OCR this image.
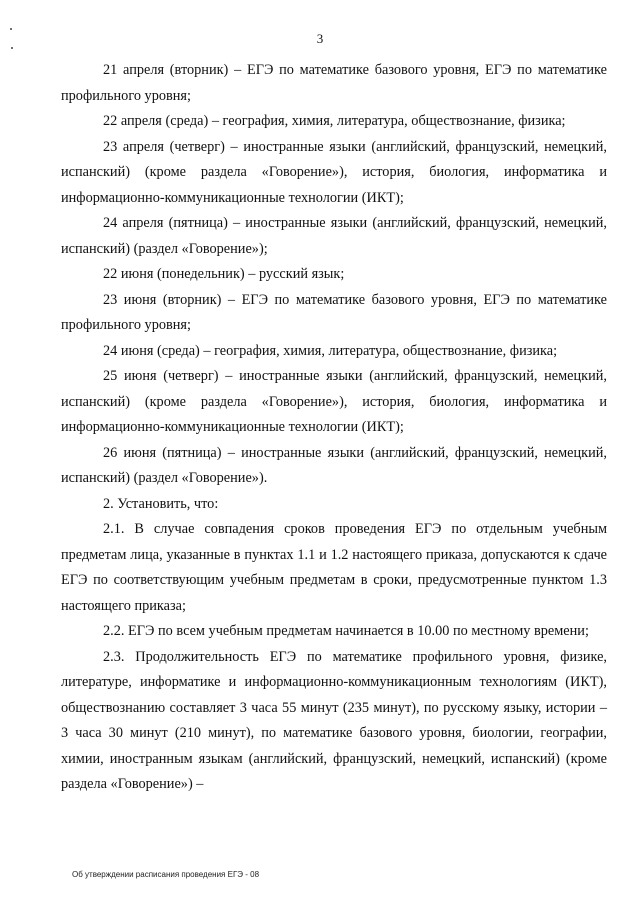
3

21 апреля (вторник) – ЕГЭ по математике базового уровня, ЕГЭ по математике профильного уровня;

22 апреля (среда) – география, химия, литература, обществознание, физика;

23 апреля (четверг) – иностранные языки (английский, французский, немецкий, испанский) (кроме раздела «Говорение»), история, биология, информатика и информационно-коммуникационные технологии (ИКТ);

24 апреля (пятница) – иностранные языки (английский, французский, немецкий, испанский) (раздел «Говорение»);

22 июня (понедельник) – русский язык;

23 июня (вторник) – ЕГЭ по математике базового уровня, ЕГЭ по математике профильного уровня;

24 июня (среда) – география, химия, литература, обществознание, физика;

25 июня (четверг) – иностранные языки (английский, французский, немецкий, испанский) (кроме раздела «Говорение»), история, биология, информатика и информационно-коммуникационные технологии (ИКТ);

26 июня (пятница) – иностранные языки (английский, французский, немецкий, испанский) (раздел «Говорение»).

2. Установить, что:

2.1. В случае совпадения сроков проведения ЕГЭ по отдельным учебным предметам лица, указанные в пунктах 1.1 и 1.2 настоящего приказа, допускаются к сдаче ЕГЭ по соответствующим учебным предметам в сроки, предусмотренные пунктом 1.3 настоящего приказа;

2.2. ЕГЭ по всем учебным предметам начинается в 10.00 по местному времени;

2.3. Продолжительность ЕГЭ по математике профильного уровня, физике, литературе, информатике и информационно-коммуникационным технологиям (ИКТ), обществознанию составляет 3 часа 55 минут (235 минут), по русскому языку, истории – 3 часа 30 минут (210 минут), по математике базового уровня, биологии, географии, химии, иностранным языкам (английский, французский, немецкий, испанский) (кроме раздела «Говорение») –

Об утверждении расписания проведения ЕГЭ - 08
